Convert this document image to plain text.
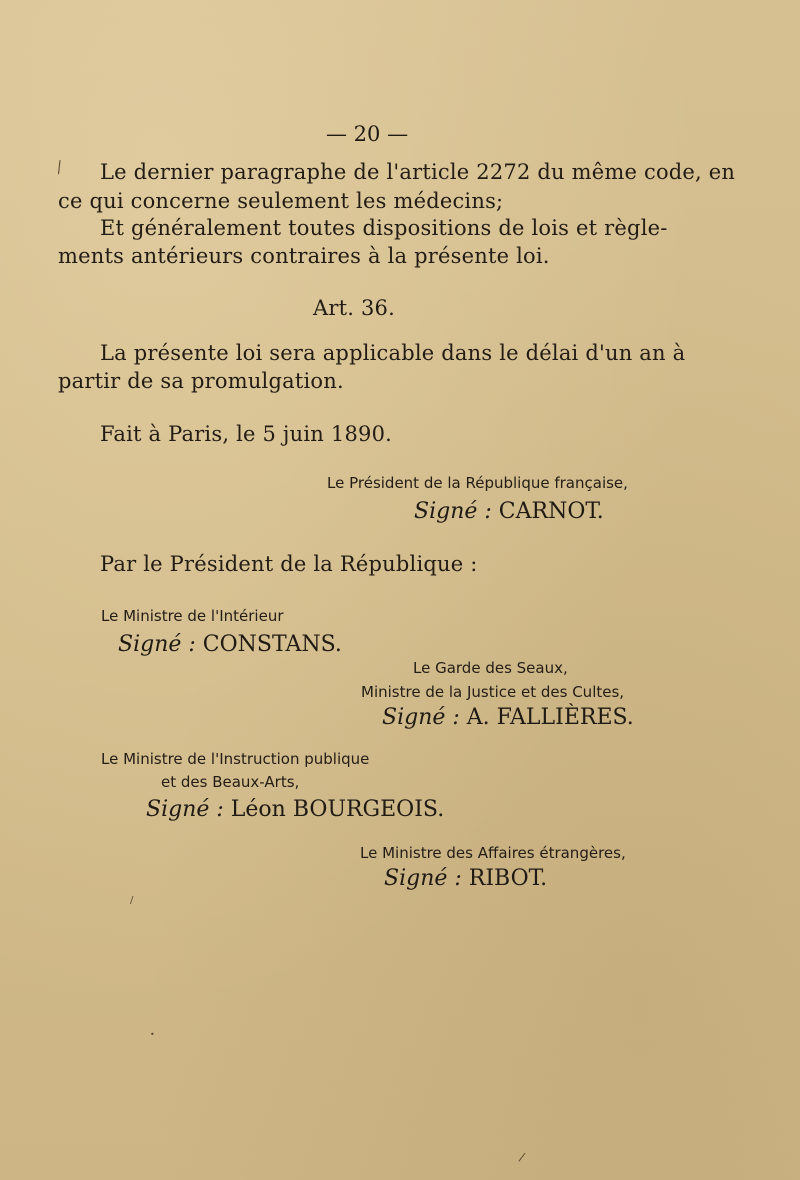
⁄
— 20 —
Le dernier paragraphe de l'article 2272 du même code, en
ce qui concerne seulement les médecins;
Et généralement toutes dispositions de lois et règle-
ments antérieurs contraires à la présente loi.
Art. 36.
La présente loi sera applicable dans le délai d'un an à
partir de sa promulgation.
Fait à Paris, le 5 juin 1890.
Le Président de la République française,
Signé : CARNOT.
Par le Président de la République :
Le Ministre de l'Intérieur
Signé : CONSTANS.
Le Garde des Seaux,
Ministre de la Justice et des Cultes,
Signé : A. FALLIÈRES.
Le Ministre de l'Instruction publique
et des Beaux-Arts,
Signé : Léon BOURGEOIS.
Le Ministre des Affaires étrangères,
Signé : RIBOT.
•
/
/
